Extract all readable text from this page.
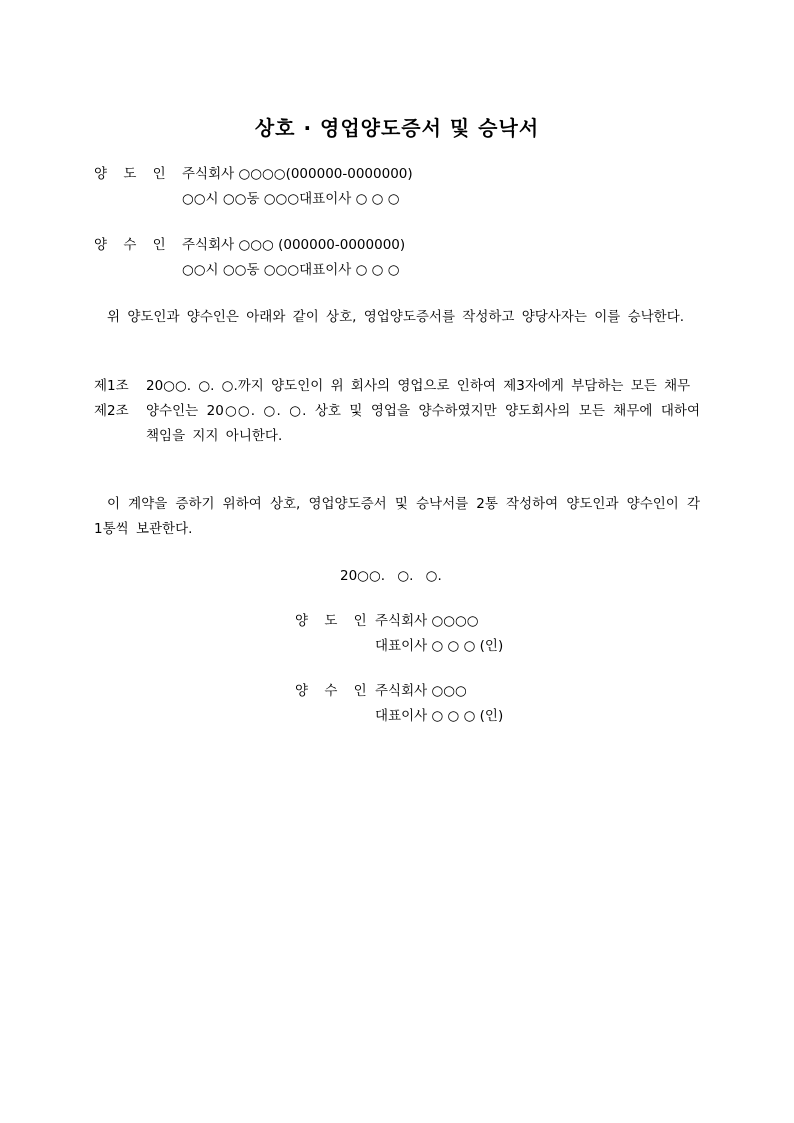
상호 · 영업양도증서 및 승낙서
양 도 인 주식회사 ○○○○(000000-0000000)
○○시 ○○동 ○○○대표이사 ○ ○ ○
양 수 인 주식회사 ○○○ (000000-0000000)
○○시 ○○동 ○○○대표이사 ○ ○ ○
위 양도인과 양수인은 아래와 같이 상호, 영업양도증서를 작성하고 양당사자는 이를 승낙한다.
제1조	20○○. ○. ○.까지 양도인이 위 회사의 영업으로 인하여 제3자에게 부담하는 모든 채무
제2조	양수인는 20○○. ○. ○. 상호 및 영업을 양수하였지만 양도회사의 모든 채무에 대하여 책임을 지지 아니한다.
이 계약을 증하기 위하여 상호, 영업양도증서 및 승낙서를 2통 작성하여 양도인과 양수인이 각 1통씩 보관한다.
20○○. ○. ○.
양 도 인 주식회사 ○○○○
대표이사 ○ ○ ○ (인)
양 수 인 주식회사 ○○○
대표이사 ○ ○ ○ (인)
